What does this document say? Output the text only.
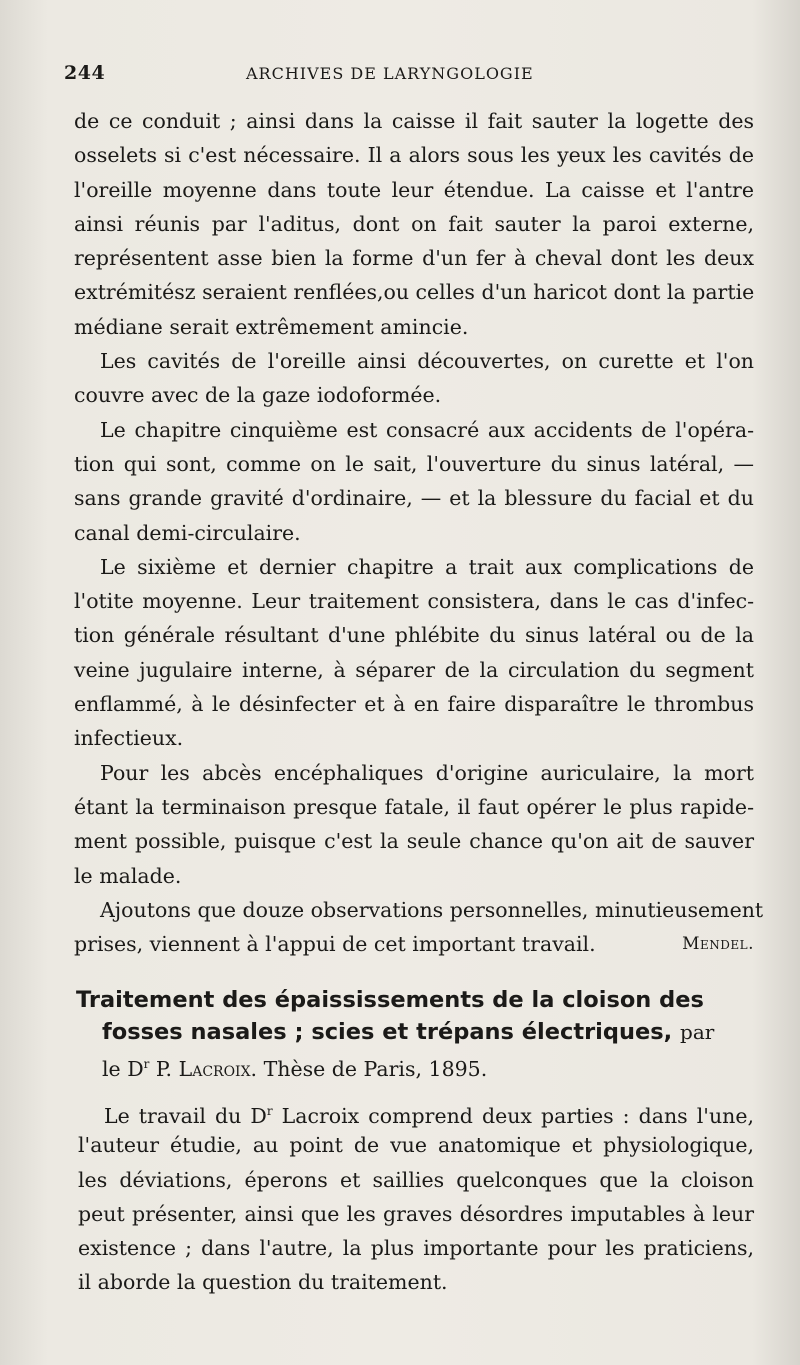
244	ARCHIVES DE LARYNGOLOGIE
de ce conduit ; ainsi dans la caisse il fait sauter la logette des
osselets si c'est nécessaire. Il a alors sous les yeux les cavités de
l'oreille moyenne dans toute leur étendue. La caisse et l'antre
ainsi réunis par l'aditus, dont on fait sauter la paroi externe,
représentent asse bien la forme d'un fer à cheval dont les deux
extrémitész seraient renflées,ou celles d'un haricot dont la partie
médiane serait extrêmement amincie.
Les cavités de l'oreille ainsi découvertes, on curette et l'on
couvre avec de la gaze iodoformée.
Le chapitre cinquième est consacré aux accidents de l'opéra-
tion qui sont, comme on le sait, l'ouverture du sinus latéral, —
sans grande gravité d'ordinaire, — et la blessure du facial et du
canal demi-circulaire.
Le sixième et dernier chapitre a trait aux complications de
l'otite moyenne. Leur traitement consistera, dans le cas d'infec-
tion générale résultant d'une phlébite du sinus latéral ou de la
veine jugulaire interne, à séparer de la circulation du segment
enflammé, à le désinfecter et à en faire disparaître le thrombus
infectieux.
Pour les abcès encéphaliques d'origine auriculaire, la mort
étant la terminaison presque fatale, il faut opérer le plus rapide-
ment possible, puisque c'est la seule chance qu'on ait de sauver
le malade.
Ajoutons que douze observations personnelles, minutieusement
prises, viennent à l'appui de cet important travail.	Mendel.
Traitement des épaississements de la cloison des
fosses nasales ; scies et trépans électriques, par
le $D^r$ P. Lacroix. Thèse de Paris, 1895.
Le travail du $D^r$ Lacroix comprend deux parties : dans l'une,
l'auteur étudie, au point de vue anatomique et physiologique,
les déviations, éperons et saillies quelconques que la cloison
peut présenter, ainsi que les graves désordres imputables à leur
existence ; dans l'autre, la plus importante pour les praticiens,
il aborde la question du traitement.
